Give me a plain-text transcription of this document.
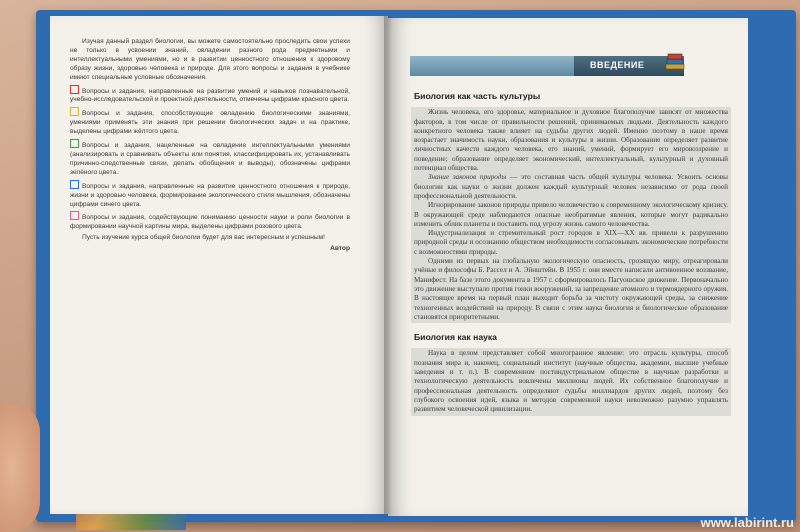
Изучая данный раздел биологии, вы можете самостоятельно проследить свои успехи не только в усвоении знаний, овладении разного рода предметными и интеллектуальными умениями, но и в развитии ценностного отношения к здоровому образу жизни, здоровью человека и природе. Для этого вопросы и задания в учебнике имеют специальные условные обозначения.

Вопросы и задания, направленные на развитие умений и навыков познавательной, учебно-исследовательской и проектной деятельности, отмечены цифрами красного цвета.

Вопросы и задания, способствующие овладению биологическими знаниями, умениями применять эти знания при решении биологических задач и на практике, выделены цифрами жёлтого цвета.

Вопросы и задания, нацеленные на овладение интеллектуальными умениями (анализировать и сравнивать объекты или понятия, классифицировать их, устанавливать причинно-следственные связи, делать обобщения и выводы), обозначены цифрами зелёного цвета.

Вопросы и задания, направленные на развитие ценностного отношения к природе, жизни и здоровью человека, формирование экологического стиля мышления, обозначены цифрами синего цвета.

Вопросы и задания, содействующие пониманию ценности науки и роли биологии в формировании научной картины мира, выделены цифрами розового цвета.

Пусть изучение курса общей биологии будет для вас интересным и успешным!

Автор

ВВЕДЕНИЕ
Биология как часть культуры

Жизнь человека, его здоровье, материальное и духовное благополучие зависят от множества факторов, в том числе от правильности решений, принимаемых людьми. Деятельность каждого конкретного человека также влияет на судьбы других людей. Именно поэтому в наше время возрастает значимость науки, образования и культуры в жизни. Образование определяет развитие личностных качеств каждого человека, его знаний, умений, формирует его мировоззрение и поведение; образование определяет экономический, интеллектуальный, культурный и духовный потенциал общества.

Знание законов природы — это составная часть общей культуры человека. Усвоить основы биологии как науки о жизни должен каждый культурный человек независимо от рода своей профессиональной деятельности.

Игнорирование законов природы привело человечество к современному экологическому кризису. В окружающей среде наблюдаются опасные необратимые явления, которые могут радикально изменить облик планеты и поставить под угрозу жизнь самого человечества.

Индустриализация и стремительный рост городов в XIX—XX вв. привели к разрушению природной среды и осознанию обществом необходимости согласовывать экономические потребности с возможностями природы.

Одними из первых на глобальную экологическую опасность, грозящую миру, отреагировали учёные и философы Б. Рассел и А. Эйнштейн. В 1955 г. они вместе написали антивоенное воззвание, Манифест. На базе этого документа в 1957 г. сформировалось Пагуошское движение. Первоначально это движение выступало против гонки вооружений, за запрещение атомного и термоядерного оружия. В настоящее время на первый план выходит борьба за чистоту окружающей среды, за снижение техногенных воздействий на природу. В связи с этим наука биология и биологическое образование становятся приоритетными.

Биология как наука

Наука в целом представляет собой многогранное явление: это отрасль культуры, способ познания мира и, наконец, социальный институт (научные общества, академии, высшие учебные заведения и т. п.). В современном постиндустриальном обществе в научные разработки и технологическую деятельность вовлечены миллионы людей. Их собственное благополучие и профессиональная деятельность определяют судьбы миллиардов других людей, поэтому без глубокого освоения идей, языка и методов современной науки невозможно разумно управлять развитием человеческой цивилизации.

www.labirint.ru
